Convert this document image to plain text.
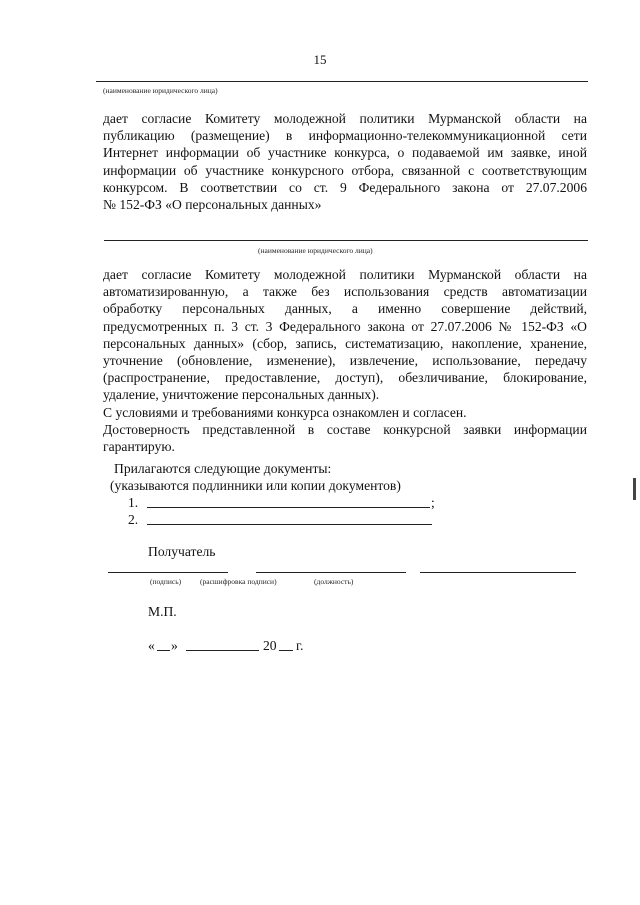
15
(наименование юридического лица)
дает согласие Комитету молодежной политики Мурманской области на
публикацию (размещение) в информационно-телекоммуникационной сети
Интернет информации об участнике конкурса, о подаваемой им заявке, иной
информации об участнике конкурсного отбора, связанной с соответствующим
конкурсом. В соответствии со ст. 9 Федерального закона от 27.07.2006
№ 152-ФЗ «О персональных данных»
(наименование юридического лица)
дает согласие Комитету молодежной политики Мурманской области на
автоматизированную, а также без использования средств автоматизации
обработку персональных данных, а именно совершение действий,
предусмотренных п. 3 ст. 3 Федерального закона от 27.07.2006 № 152-ФЗ «О
персональных данных» (сбор, запись, систематизацию, накопление, хранение,
уточнение (обновление, изменение), извлечение, использование, передачу
(распространение, предоставление, доступ), обезличивание, блокирование,
удаление, уничтожение персональных данных).
С условиями и требованиями конкурса ознакомлен и согласен.
Достоверность представленной в составе конкурсной заявки информации
гарантирую.
Прилагаются следующие документы:
(указываются подлинники или копии документов)
1.	;
2.
Получатель
(подпись)	(расшифровка подписи)	(должность)
М.П.
« »	20 г.
